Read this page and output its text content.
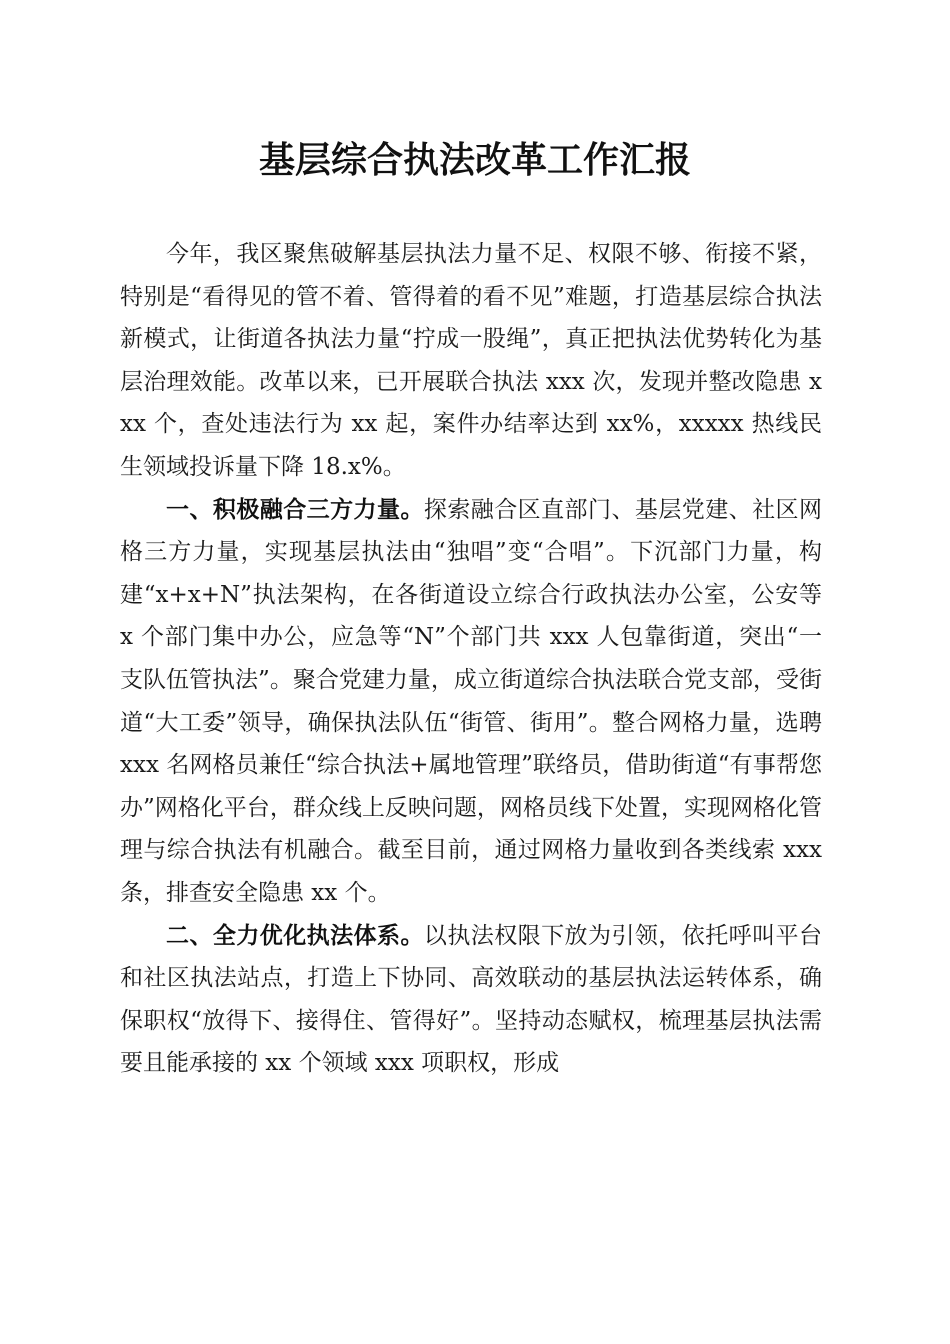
基层综合执法改革工作汇报

今年，我区聚焦破解基层执法力量不足、权限不够、衔接不紧，特别是“看得见的管不着、管得着的看不见”难题，打造基层综合执法新模式，让街道各执法力量“拧成一股绳”，真正把执法优势转化为基层治理效能。改革以来，已开展联合执法 xxx 次，发现并整改隐患 xxx 个，查处违法行为 xx 起，案件办结率达到 xx%，xxxxx 热线民生领域投诉量下降 18.x%。

一、积极融合三方力量。探索融合区直部门、基层党建、社区网格三方力量，实现基层执法由“独唱”变“合唱”。下沉部门力量，构建“x+x+N”执法架构，在各街道设立综合行政执法办公室，公安等 x 个部门集中办公，应急等“N”个部门共 xxx 人包靠街道，突出“一支队伍管执法”。聚合党建力量，成立街道综合执法联合党支部，受街道“大工委”领导，确保执法队伍“街管、街用”。整合网格力量，选聘 xxx 名网格员兼任“综合执法+属地管理”联络员，借助街道“有事帮您办”网格化平台，群众线上反映问题，网格员线下处置，实现网格化管理与综合执法有机融合。截至目前，通过网格力量收到各类线索 xxx 条，排查安全隐患 xx 个。

二、全力优化执法体系。以执法权限下放为引领，依托呼叫平台和社区执法站点，打造上下协同、高效联动的基层执法运转体系，确保职权“放得下、接得住、管得好”。坚持动态赋权，梳理基层执法需要且能承接的 xx 个领域 xxx 项职权，形成
